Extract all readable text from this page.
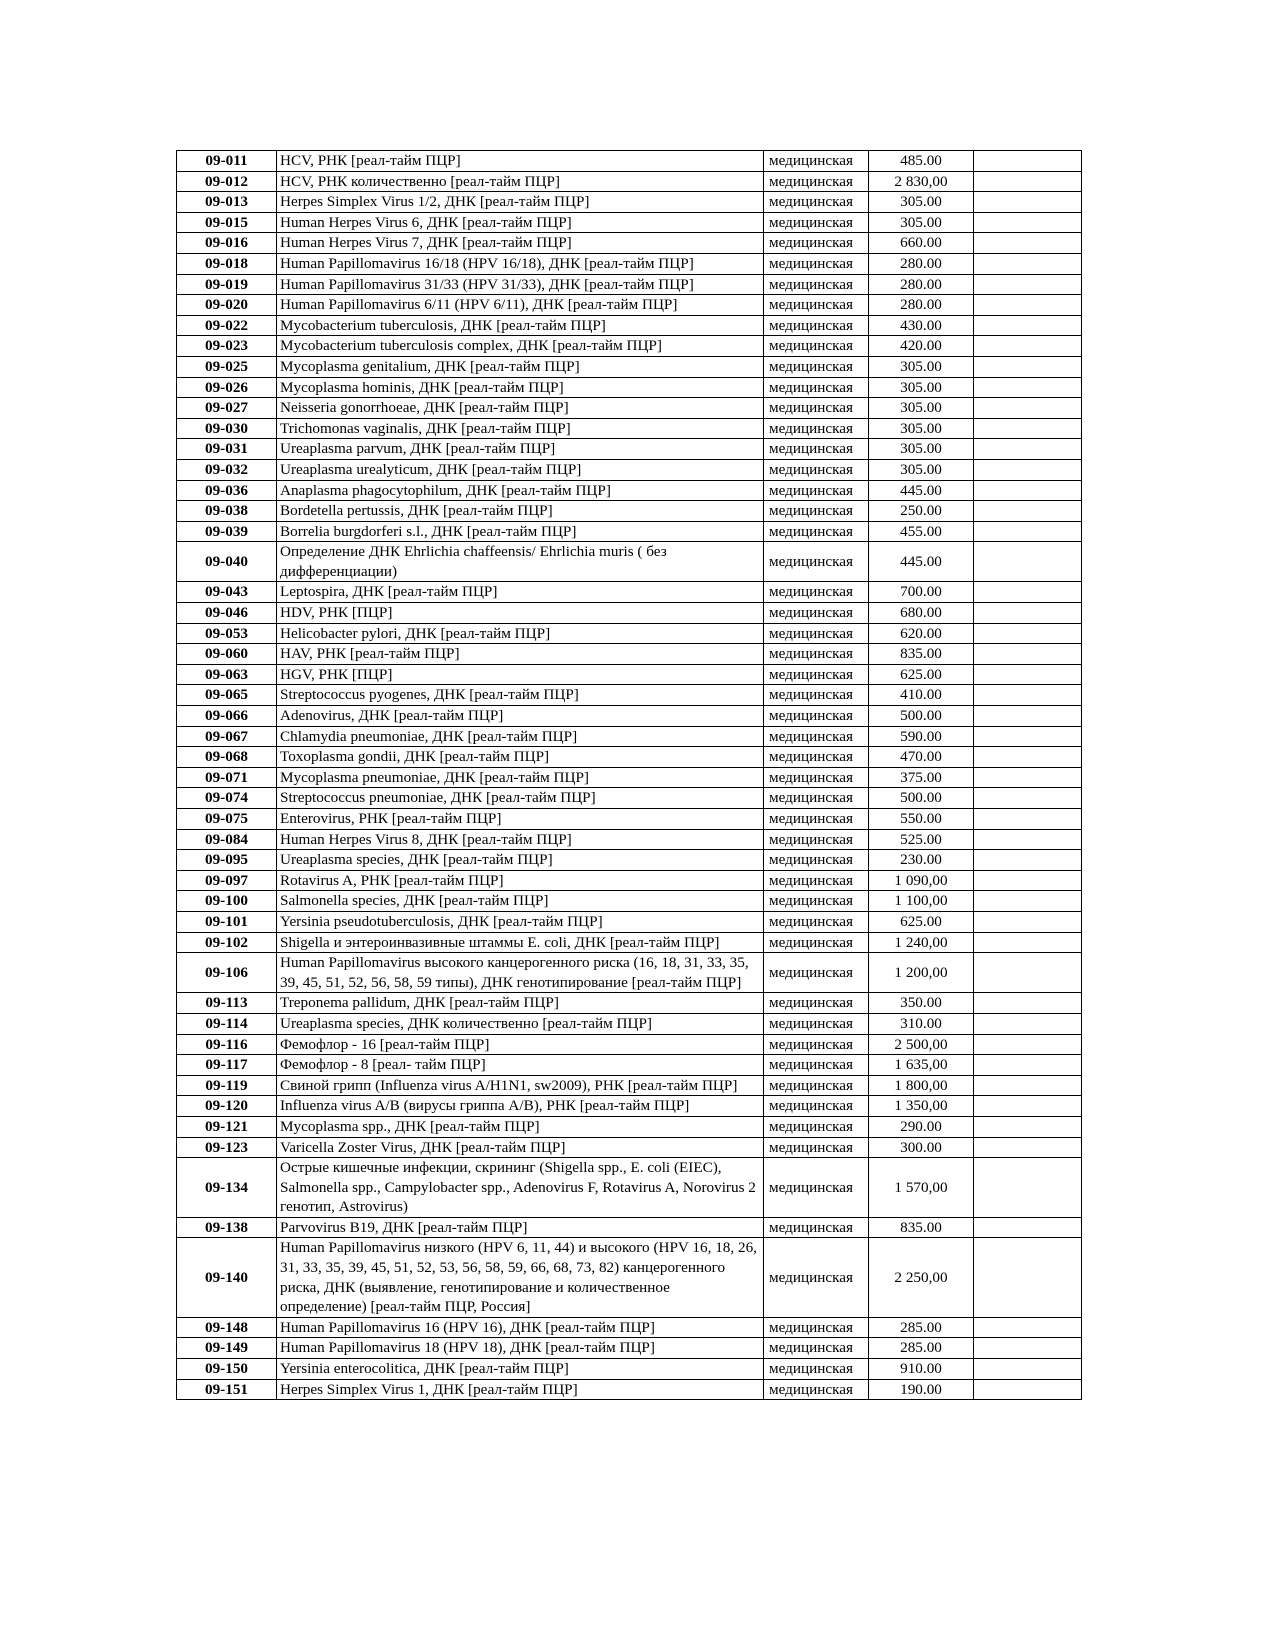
09-011	HCV, РНК [реал-тайм ПЦР]	медицинская	485.00	
09-012	HCV, РНК количественно [реал-тайм ПЦР]	медицинская	2 830,00	
09-013	Herpes Simplex Virus 1/2, ДНК [реал-тайм ПЦР]	медицинская	305.00	
09-015	Human Herpes Virus 6, ДНК [реал-тайм ПЦР]	медицинская	305.00	
09-016	Human Herpes Virus 7, ДНК [реал-тайм ПЦР]	медицинская	660.00	
09-018	Human Papillomavirus 16/18 (HPV 16/18), ДНК [реал-тайм ПЦР]	медицинская	280.00	
09-019	Human Papillomavirus 31/33 (HPV 31/33), ДНК [реал-тайм ПЦР]	медицинская	280.00	
09-020	Human Papillomavirus 6/11 (HPV 6/11), ДНК [реал-тайм ПЦР]	медицинская	280.00	
09-022	Mycobacterium tuberculosis, ДНК [реал-тайм ПЦР]	медицинская	430.00	
09-023	Mycobacterium tuberculosis complex, ДНК [реал-тайм ПЦР]	медицинская	420.00	
09-025	Mycoplasma genitalium, ДНК [реал-тайм ПЦР]	медицинская	305.00	
09-026	Mycoplasma hominis, ДНК [реал-тайм ПЦР]	медицинская	305.00	
09-027	Neisseria gonorrhoeae, ДНК [реал-тайм ПЦР]	медицинская	305.00	
09-030	Trichomonas vaginalis, ДНК [реал-тайм ПЦР]	медицинская	305.00	
09-031	Ureaplasma parvum, ДНК [реал-тайм ПЦР]	медицинская	305.00	
09-032	Ureaplasma urealyticum, ДНК [реал-тайм ПЦР]	медицинская	305.00	
09-036	Anaplasma phagocytophilum, ДНК [реал-тайм ПЦР]	медицинская	445.00	
09-038	Bordetella pertussis, ДНК [реал-тайм ПЦР]	медицинская	250.00	
09-039	Borrelia burgdorferi s.l., ДНК [реал-тайм ПЦР]	медицинская	455.00	
09-040	Определение ДНК Ehrlichia chaffeensis/ Ehrlichia muris ( без дифференциации)	медицинская	445.00	
09-043	Leptospira, ДНК [реал-тайм ПЦР]	медицинская	700.00	
09-046	HDV, РНК [ПЦР]	медицинская	680.00	
09-053	Helicobacter pylori, ДНК [реал-тайм ПЦР]	медицинская	620.00	
09-060	HAV, РНК [реал-тайм ПЦР]	медицинская	835.00	
09-063	HGV, РНК [ПЦР]	медицинская	625.00	
09-065	Streptococcus pyogenes, ДНК [реал-тайм ПЦР]	медицинская	410.00	
09-066	Adenovirus, ДНК [реал-тайм ПЦР]	медицинская	500.00	
09-067	Chlamydia pneumoniae, ДНК [реал-тайм ПЦР]	медицинская	590.00	
09-068	Toxoplasma gondii, ДНК [реал-тайм ПЦР]	медицинская	470.00	
09-071	Mycoplasma pneumoniae, ДНК [реал-тайм ПЦР]	медицинская	375.00	
09-074	Streptococcus pneumoniae, ДНК [реал-тайм ПЦР]	медицинская	500.00	
09-075	Enterovirus, РНК [реал-тайм ПЦР]	медицинская	550.00	
09-084	Human Herpes Virus 8, ДНК [реал-тайм ПЦР]	медицинская	525.00	
09-095	Ureaplasma species, ДНК [реал-тайм ПЦР]	медицинская	230.00	
09-097	Rotavirus A, РНК [реал-тайм ПЦР]	медицинская	1 090,00	
09-100	Salmonella species, ДНК [реал-тайм ПЦР]	медицинская	1 100,00	
09-101	Yersinia pseudotuberculosis, ДНК [реал-тайм ПЦР]	медицинская	625.00	
09-102	Shigella и энтероинвазивные штаммы E. coli, ДНК [реал-тайм ПЦР]	медицинская	1 240,00	
09-106	Human Papillomavirus высокого канцерогенного риска (16, 18, 31, 33, 35, 39, 45, 51, 52, 56, 58, 59 типы), ДНК генотипирование [реал-тайм ПЦР]	медицинская	1 200,00	
09-113	Treponema pallidum, ДНК [реал-тайм ПЦР]	медицинская	350.00	
09-114	Ureaplasma species, ДНК количественно [реал-тайм ПЦР]	медицинская	310.00	
09-116	Фемофлор - 16 [реал-тайм ПЦР]	медицинская	2 500,00	
09-117	Фемофлор - 8 [реал- тайм ПЦР]	медицинская	1 635,00	
09-119	Свиной грипп (Influenza virus A/H1N1, sw2009), РНК [реал-тайм ПЦР]	медицинская	1 800,00	
09-120	Influenza virus A/B (вирусы гриппа A/B), РНК [реал-тайм ПЦР]	медицинская	1 350,00	
09-121	Mycoplasma spp., ДНК [реал-тайм ПЦР]	медицинская	290.00	
09-123	Varicella Zoster Virus, ДНК [реал-тайм ПЦР]	медицинская	300.00	
09-134	Острые кишечные инфекции, скрининг (Shigella spp., E. coli (EIEC), Salmonella spp., Campylobacter spp., Adenovirus F, Rotavirus A, Norovirus 2 генотип, Astrovirus)	медицинская	1 570,00	
09-138	Parvovirus B19, ДНК [реал-тайм ПЦР]	медицинская	835.00	
09-140	Human Papillomavirus низкого (HPV 6, 11, 44) и высокого (HPV 16, 18, 26, 31, 33, 35, 39, 45, 51, 52, 53, 56, 58, 59, 66, 68, 73, 82) канцерогенного риска, ДНК (выявление, генотипирование и количественное определение) [реал-тайм ПЦР, Россия]	медицинская	2 250,00	
09-148	Human Papillomavirus 16 (HPV 16), ДНК [реал-тайм ПЦР]	медицинская	285.00	
09-149	Human Papillomavirus 18 (HPV 18), ДНК [реал-тайм ПЦР]	медицинская	285.00	
09-150	Yersinia enterocolitica, ДНК [реал-тайм ПЦР]	медицинская	910.00	
09-151	Herpes Simplex Virus 1, ДНК [реал-тайм ПЦР]	медицинская	190.00	
